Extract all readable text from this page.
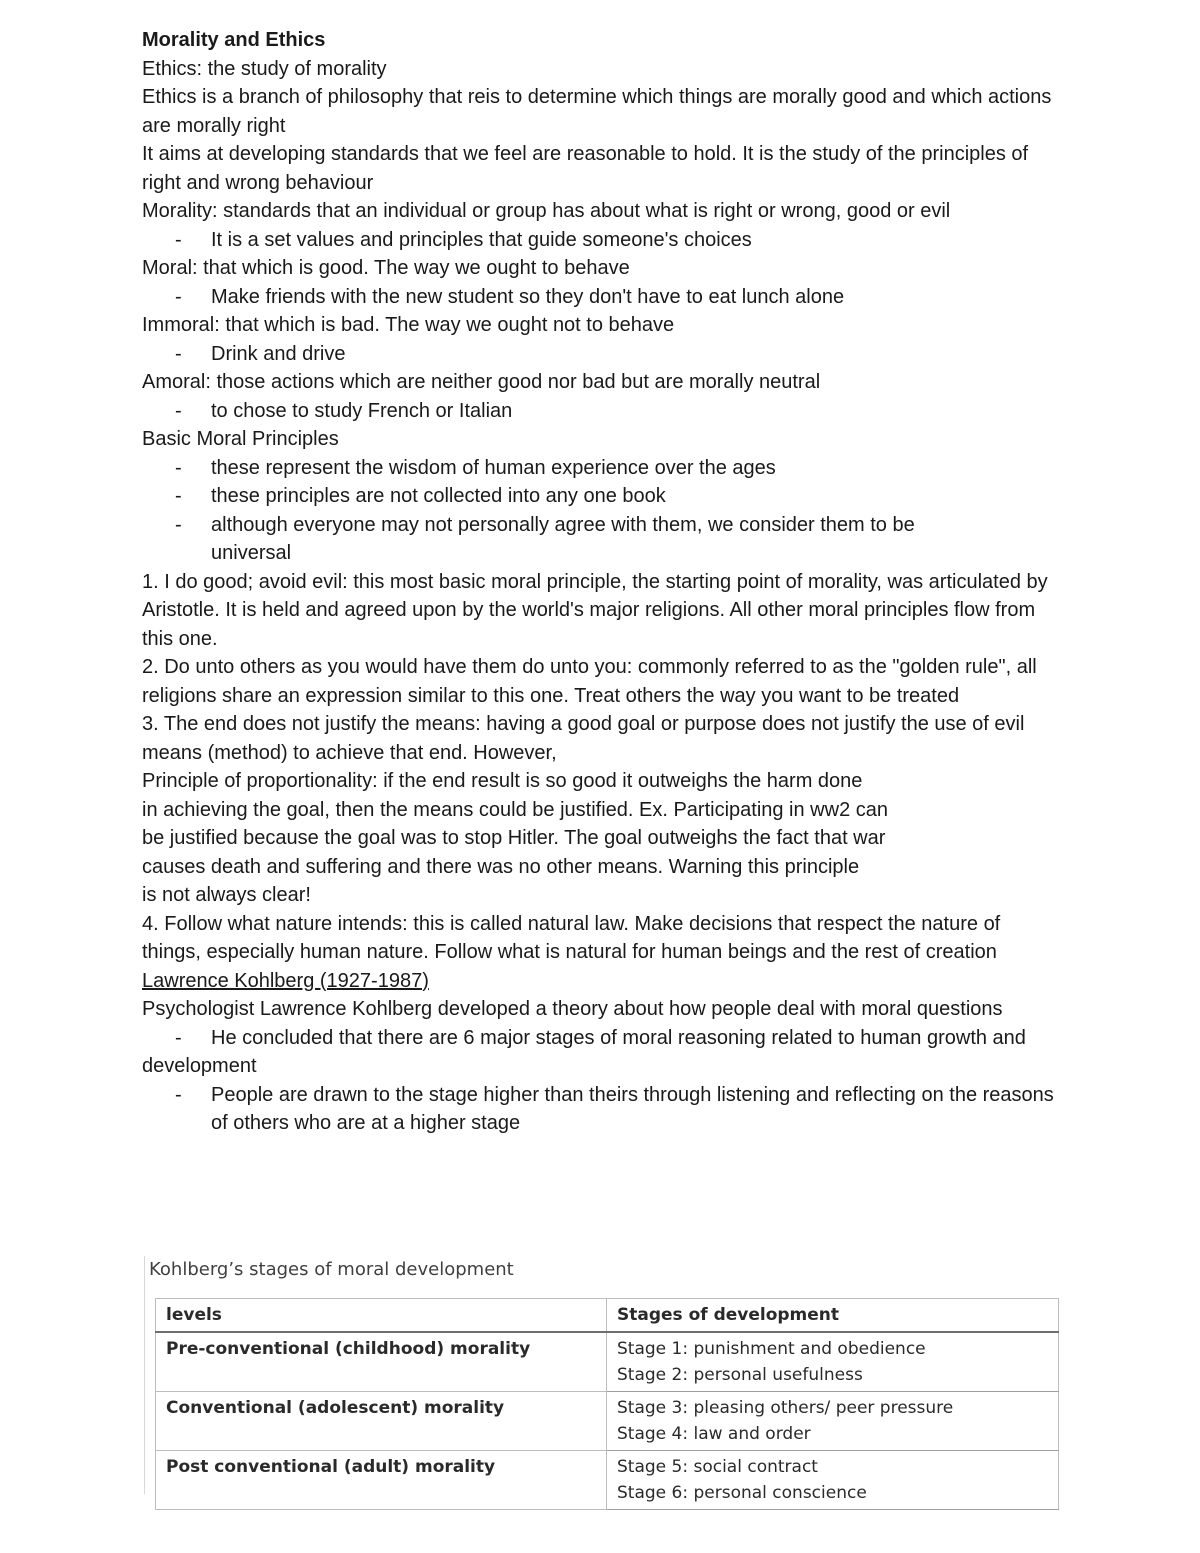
Morality and Ethics

Ethics: the study of morality

Ethics is a branch of philosophy that reis to determine which things are morally good and which actions are morally right

It aims at developing standards that we feel are reasonable to hold. It is the study of the principles of right and wrong behaviour

Morality: standards that an individual or group has about what is right or wrong, good or evil

- It is a set values and principles that guide someone's choices

Moral: that which is good. The way we ought to behave

- Make friends with the new student so they don't have to eat lunch alone

Immoral: that which is bad. The way we ought not to behave

- Drink and drive

Amoral: those actions which are neither good nor bad but are morally neutral

- to chose to study French or Italian

Basic Moral Principles

- these represent the wisdom of human experience over the ages

- these principles are not collected into any one book

- although everyone may not personally agree with them, we consider them to be universal

1. I do good; avoid evil: this most basic moral principle, the starting point of morality, was articulated by Aristotle. It is held and agreed upon by the world's major religions. All other moral principles flow from this one.

2. Do unto others as you would have them do unto you: commonly referred to as the "golden rule", all religions share an expression similar to this one. Treat others the way you want to be treated

3. The end does not justify the means: having a good goal or purpose does not justify the use of evil means (method) to achieve that end. However,

Principle of proportionality: if the end result is so good it outweighs the harm done

in achieving the goal, then the means could be justified. Ex. Participating in ww2 can

be justified because the goal was to stop Hitler. The goal outweighs the fact that war

causes death and suffering and there was no other means. Warning this principle

is not always clear!

4. Follow what nature intends: this is called natural law. Make decisions that respect the nature of things, especially human nature. Follow what is natural for human beings and the rest of creation

Lawrence Kohlberg (1927-1987)

Psychologist Lawrence Kohlberg developed a theory about how people deal with moral questions

- He concluded that there are 6 major stages of moral reasoning related to human growth and

development

- People are drawn to the stage higher than theirs through listening and reflecting on the reasons of others who are at a higher stage

Kohlberg’s stages of moral development
levels	Stages of development
Pre-conventional (childhood) morality	Stage 1: punishment and obedience
Stage 2: personal usefulness

Conventional (adolescent) morality	Stage 3: pleasing others/ peer pressure
Stage 4: law and order

Post conventional (adult) morality	Stage 5: social contract
Stage 6: personal conscience
